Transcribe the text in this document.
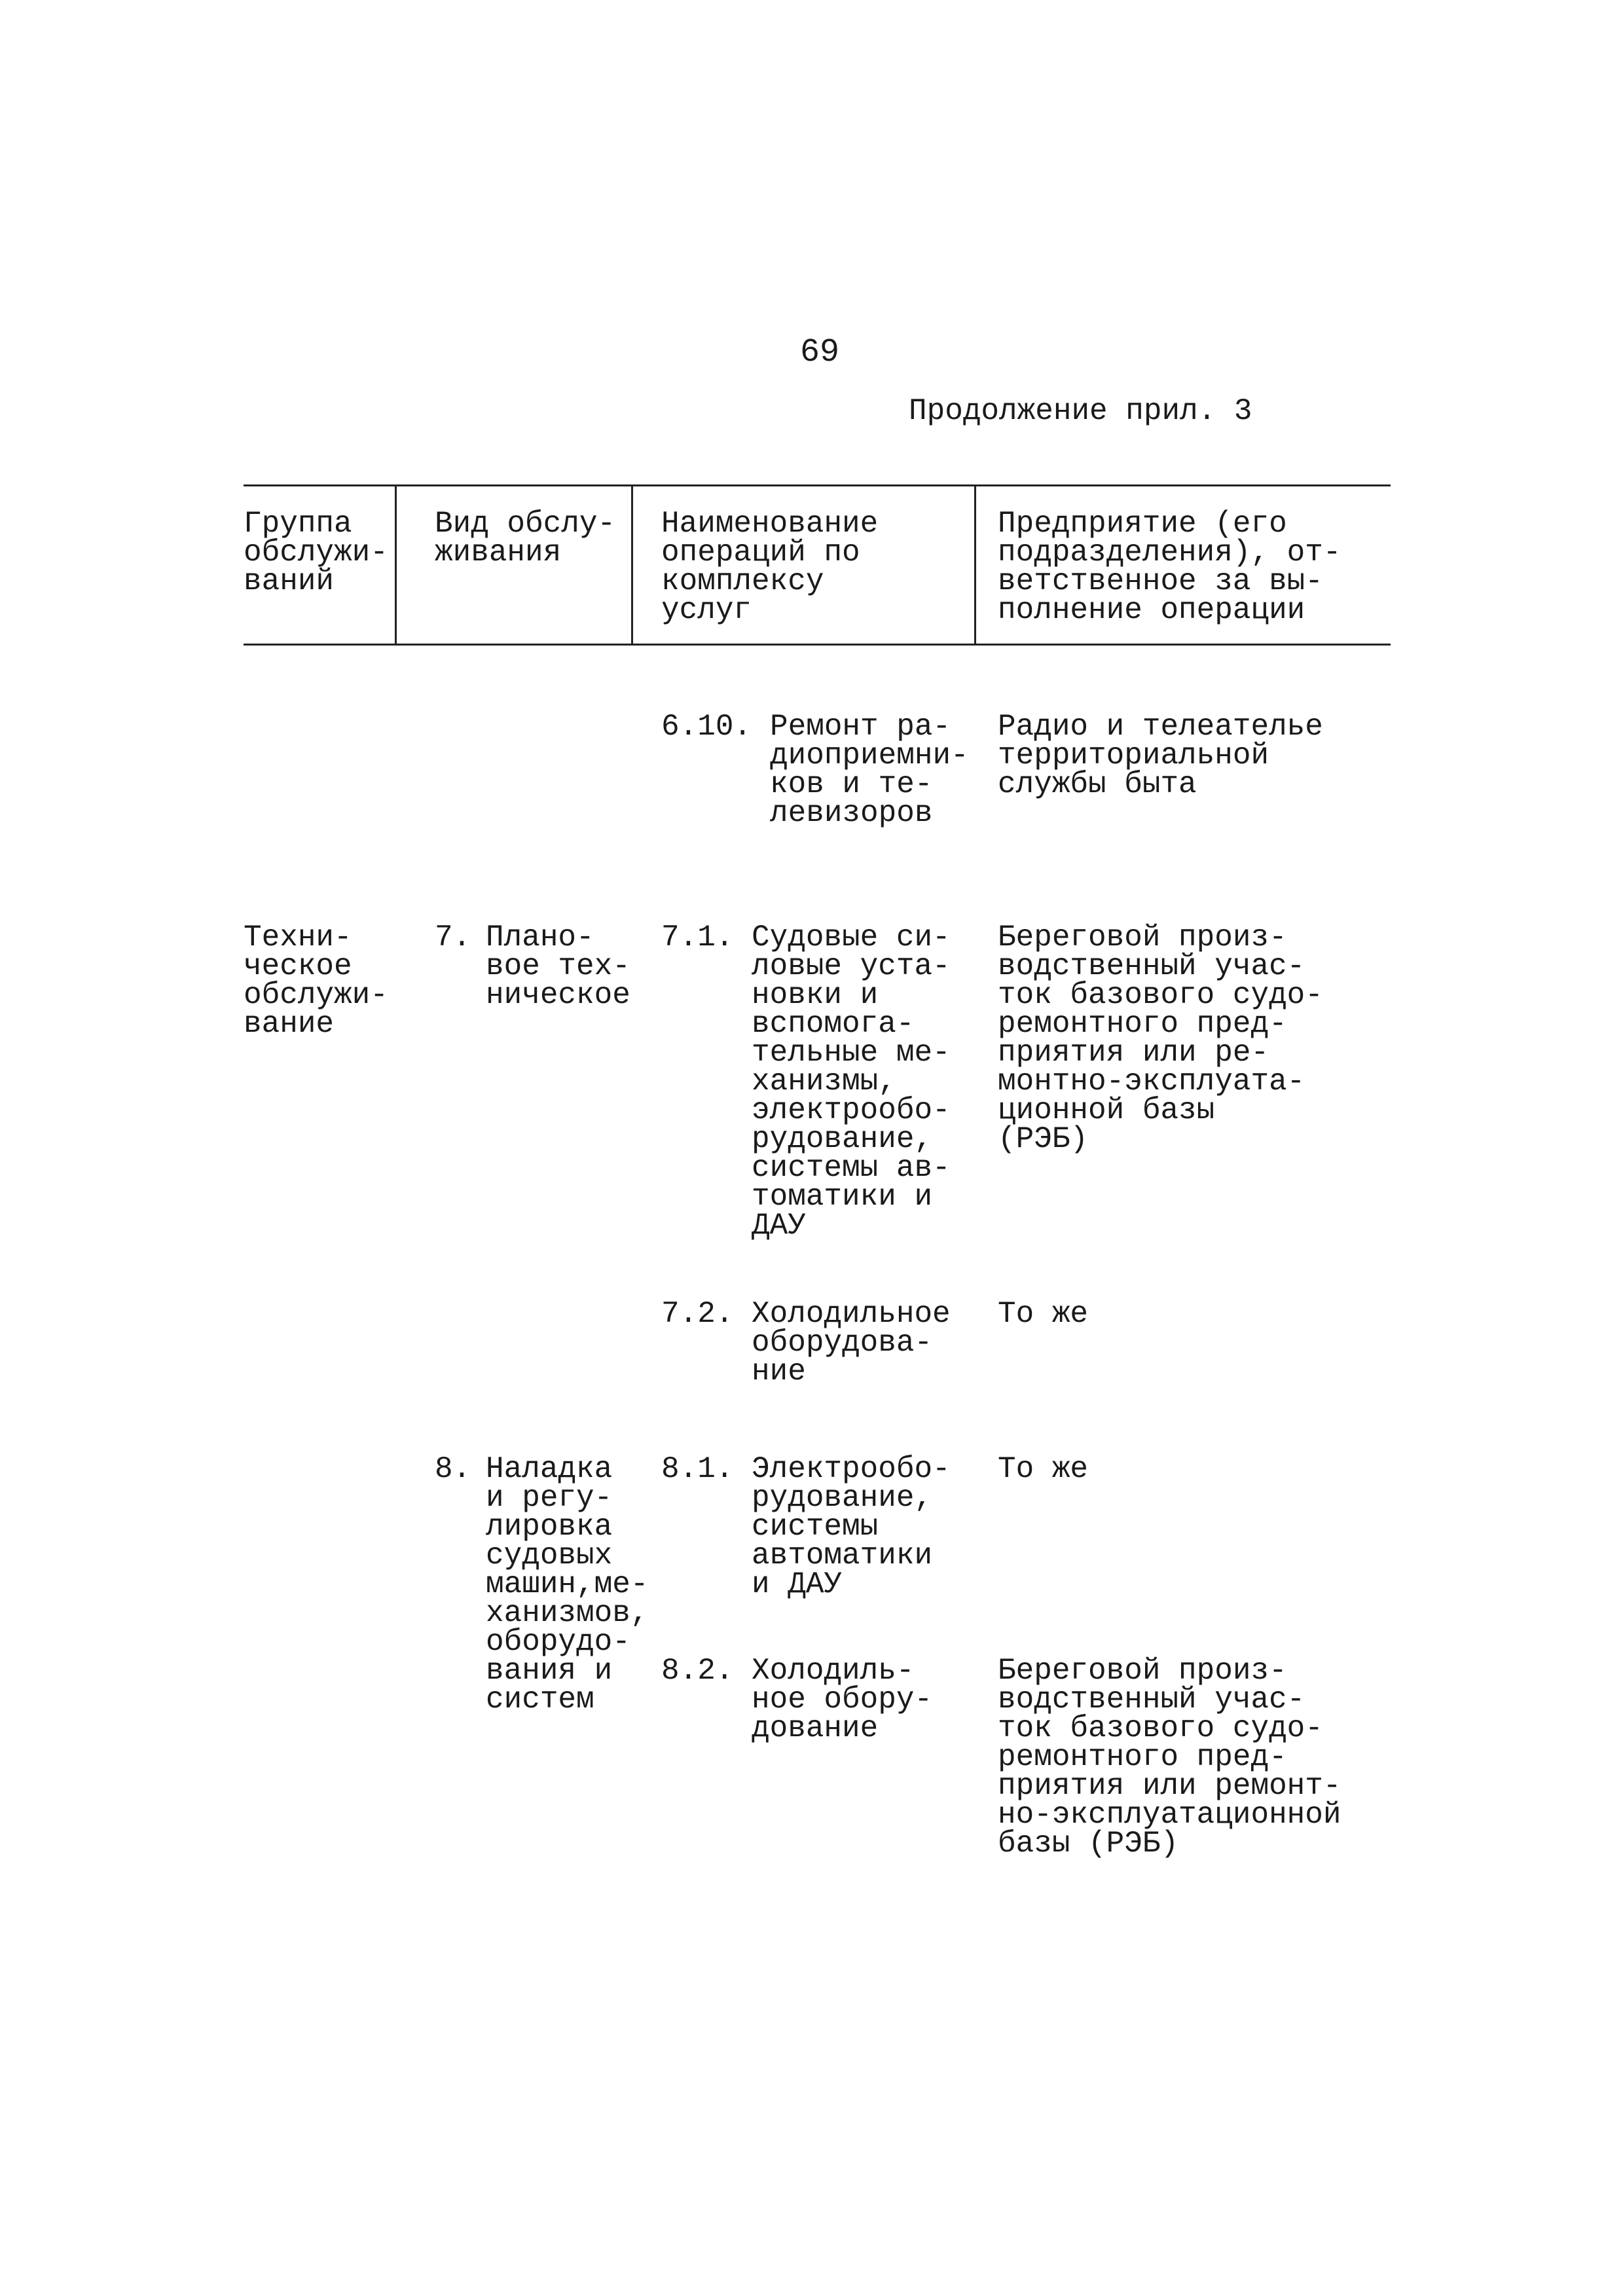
69
Продолжение прил. 3
Группа
обслужи-
ваний
Вид обслу-
живания
Наименование
операций по
комплексу
услуг
Предприятие (его
подразделения), от-
ветственное за вы-
полнение операции
6.10. Ремонт ра-
диоприемни-
ков и те-
левизоров
Радио и телеателье
территориальной
службы быта
Техни-
ческое
обслужи-
вание
7. Плано-
вое тех-
ническое
7.1. Судовые си-
ловые уста-
новки и
вспомога-
тельные ме-
ханизмы,
электрообо-
рудование,
системы ав-
томатики и
ДАУ
Береговой произ-
водственный учас-
ток базового судо-
ремонтного пред-
приятия или ре-
монтно-эксплуата-
ционной базы
(РЭБ)
7.2. Холодильное
оборудова-
ние
То же
8. Наладка
и регу-
лировка
судовых
машин,ме-
ханизмов,
оборудо-
вания и
систем
8.1. Электрообо-
рудование,
системы
автоматики
и ДАУ
То же
8.2. Холодиль-
ное обору-
дование
Береговой произ-
водственный учас-
ток базового судо-
ремонтного пред-
приятия или ремонт-
но-эксплуатационной
базы (РЭБ)
